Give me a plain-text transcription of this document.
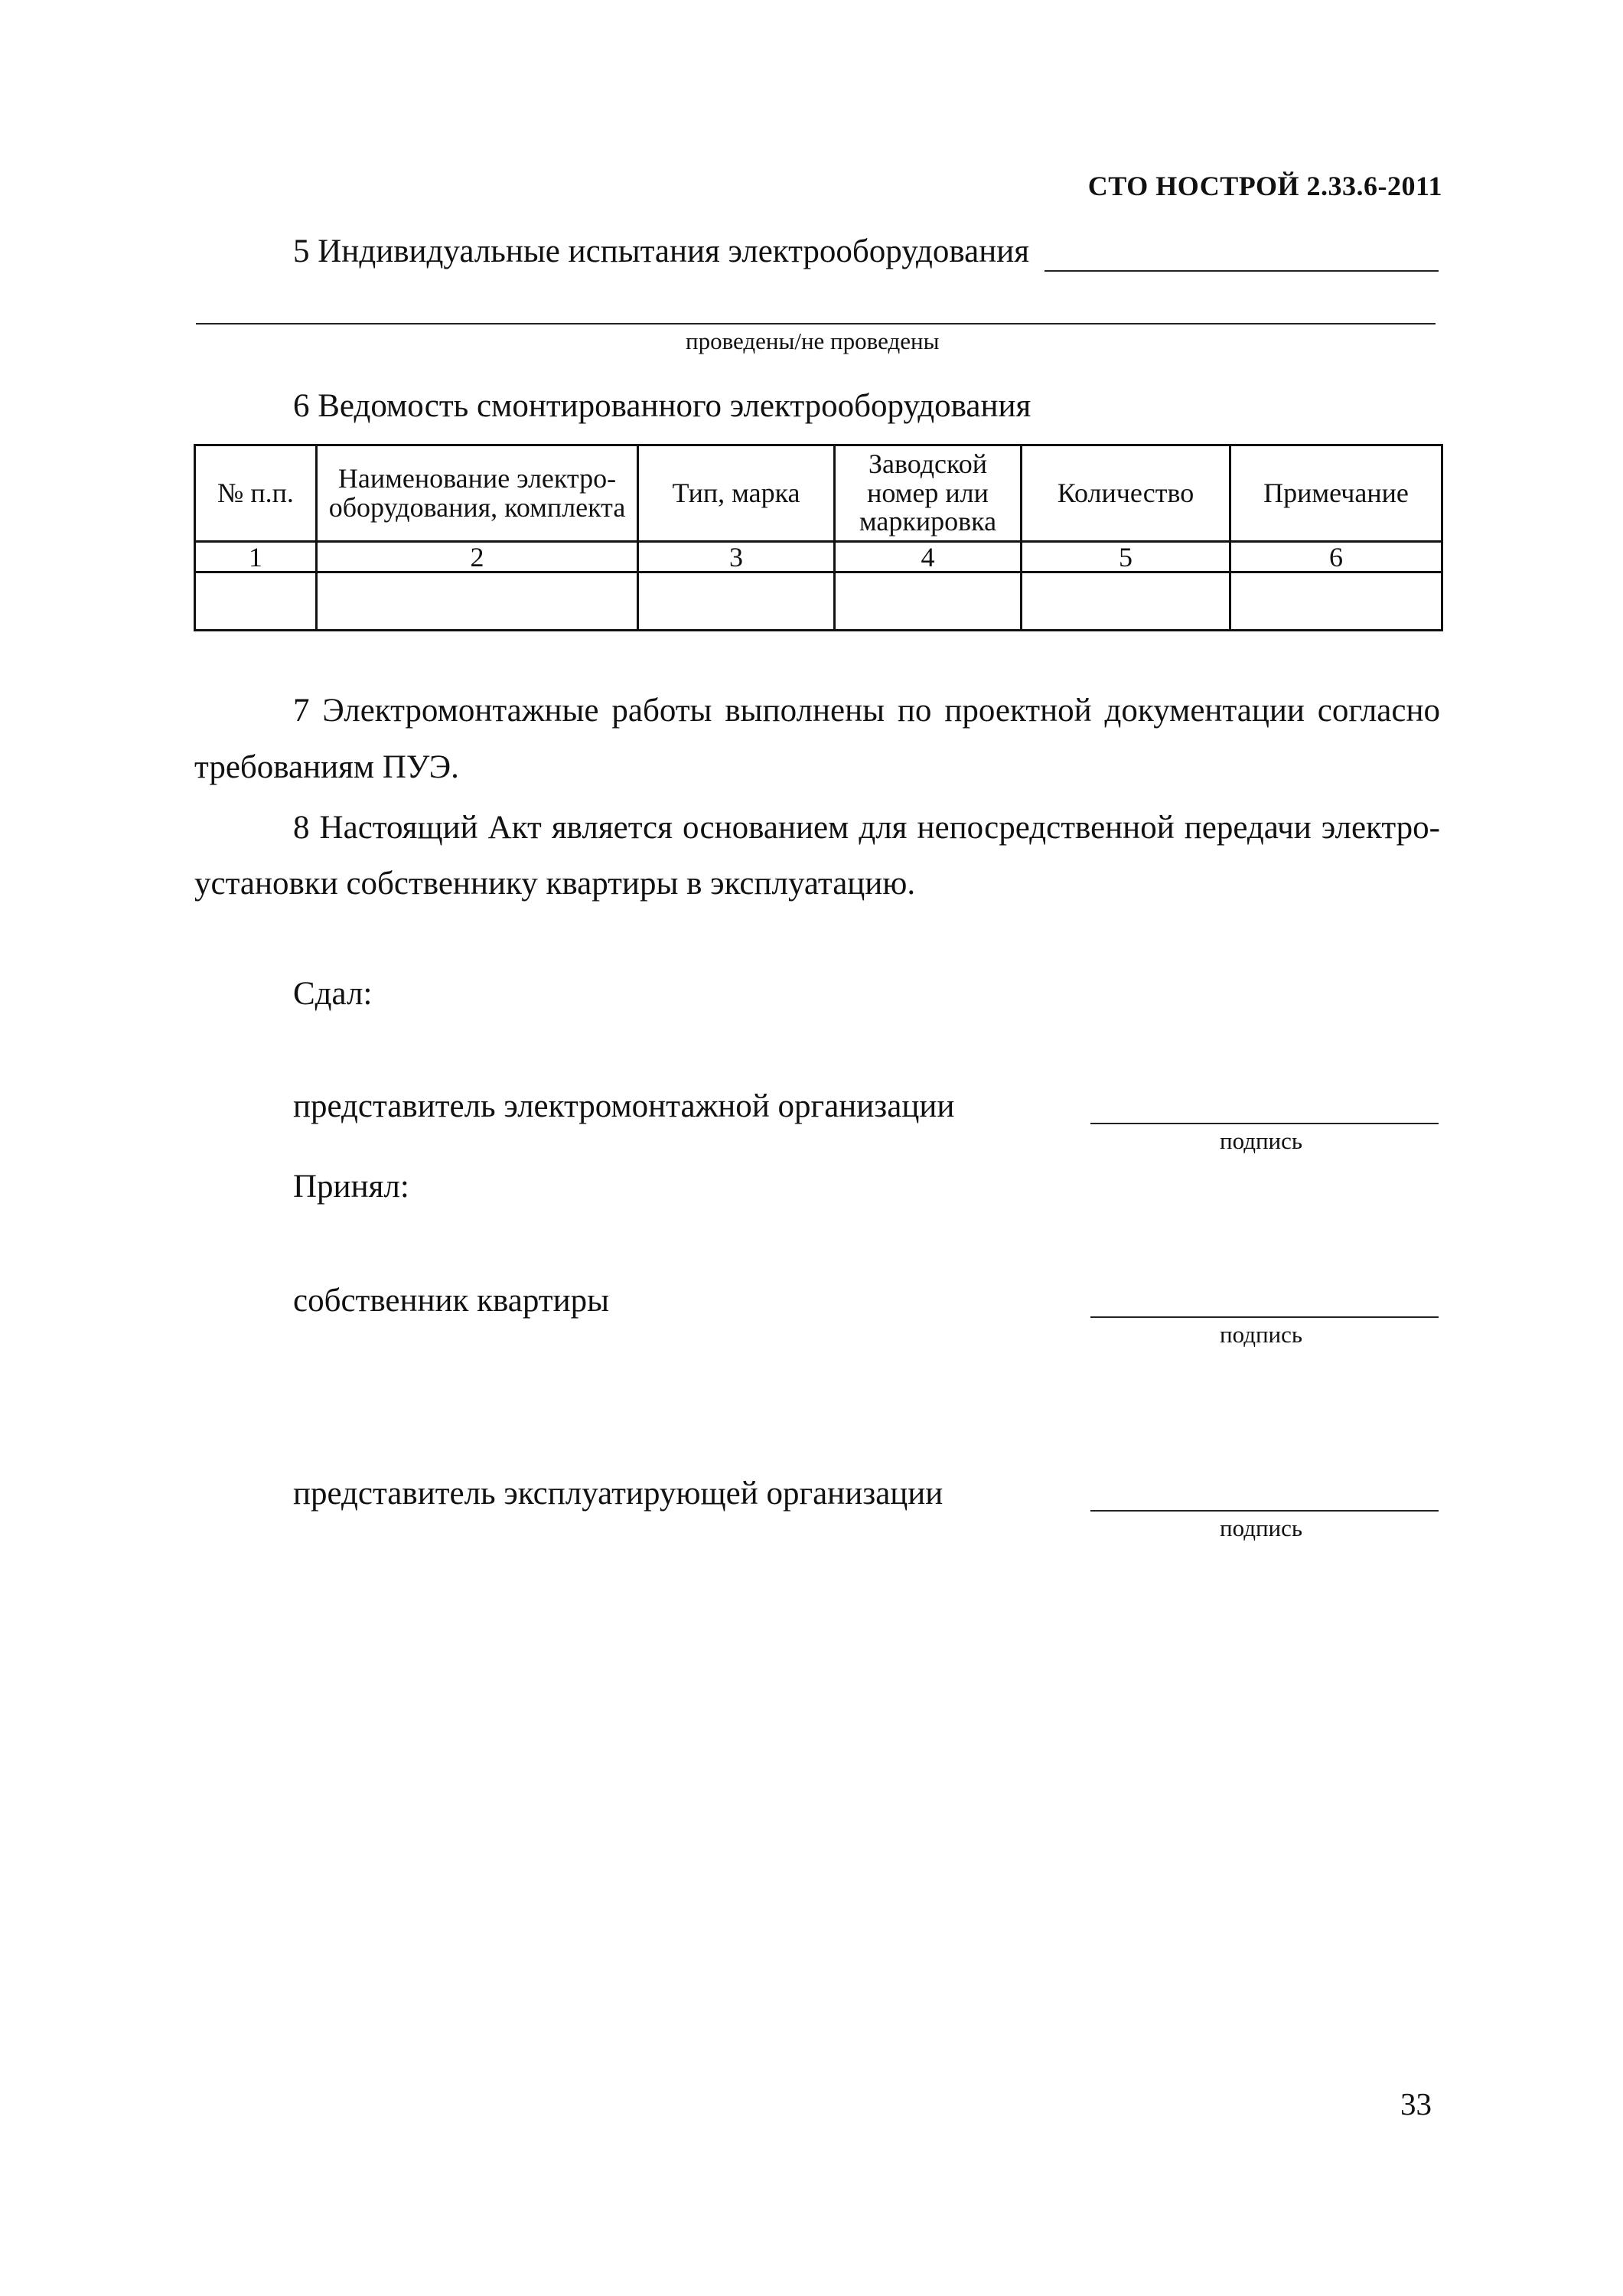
СТО НОСТРОЙ 2.33.6-2011
5 Индивидуальные испытания электрооборудования
проведены/не проведены
6 Ведомость смонтированного электрооборудования
№ п.п.	Наименование электро-оборудования, комплекта	Тип, марка	Заводской номер или маркировка	Количество	Примечание
1	2	3	4	5	6

7 Электромонтажные работы выполнены по проектной документации согласно
требованиям ПУЭ.
8 Настоящий Акт является основанием для непосредственной передачи электро-
установки собственнику квартиры в эксплуатацию.
Сдал:
представитель электромонтажной организации
подпись
Принял:
собственник квартиры
подпись
представитель эксплуатирующей организации
подпись
33
